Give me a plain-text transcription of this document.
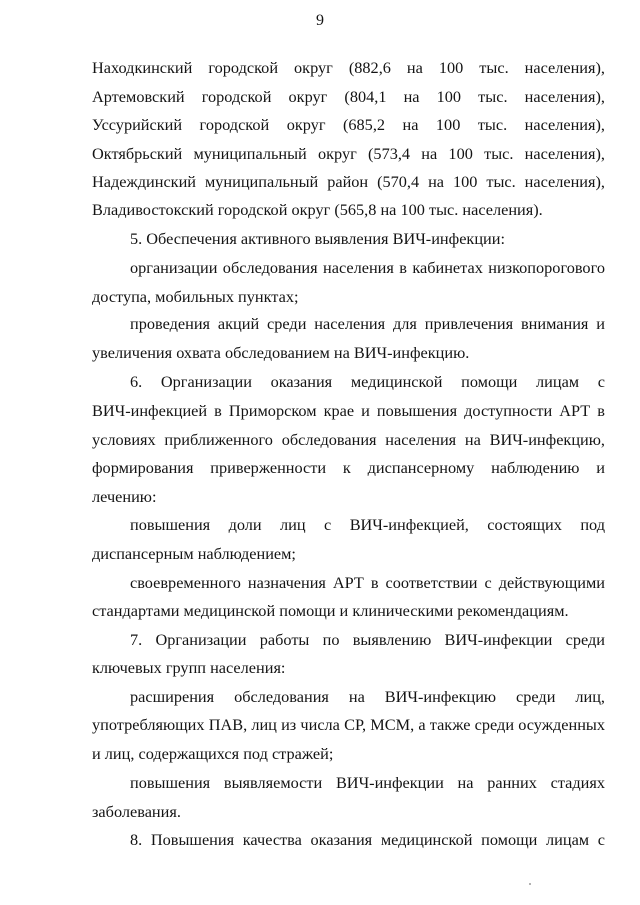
9
Находкинский городской округ (882,6 на 100 тыс. населения),
Артемовский городской округ (804,1 на 100 тыс. населения),
Уссурийский городской округ (685,2 на 100 тыс. населения),
Октябрьский муниципальный округ (573,4 на 100 тыс. населения),
Надеждинский муниципальный район (570,4 на 100 тыс. населения),
Владивостокский городской округ (565,8 на 100 тыс. населения).
5. Обеспечения активного выявления ВИЧ-инфекции:
организации обследования населения в кабинетах низкопорогового
доступа, мобильных пунктах;
проведения акций среди населения для привлечения внимания и
увеличения охвата обследованием на ВИЧ-инфекцию.
6. Организации оказания медицинской помощи лицам с
ВИЧ-инфекцией в Приморском крае и повышения доступности АРТ в
условиях приближенного обследования населения на ВИЧ-инфекцию,
формирования приверженности к диспансерному наблюдению и
лечению:
повышения доли лиц с ВИЧ-инфекцией, состоящих под
диспансерным наблюдением;
своевременного назначения АРТ в соответствии с действующими
стандартами медицинской помощи и клиническими рекомендациям.
7. Организации работы по выявлению ВИЧ-инфекции среди
ключевых групп населения:
расширения обследования на ВИЧ-инфекцию среди лиц,
употребляющих ПАВ, лиц из числа СР, МСМ, а также среди осужденных
и лиц, содержащихся под стражей;
повышения выявляемости ВИЧ-инфекции на ранних стадиях
заболевания.
8. Повышения качества оказания медицинской помощи лицам с
